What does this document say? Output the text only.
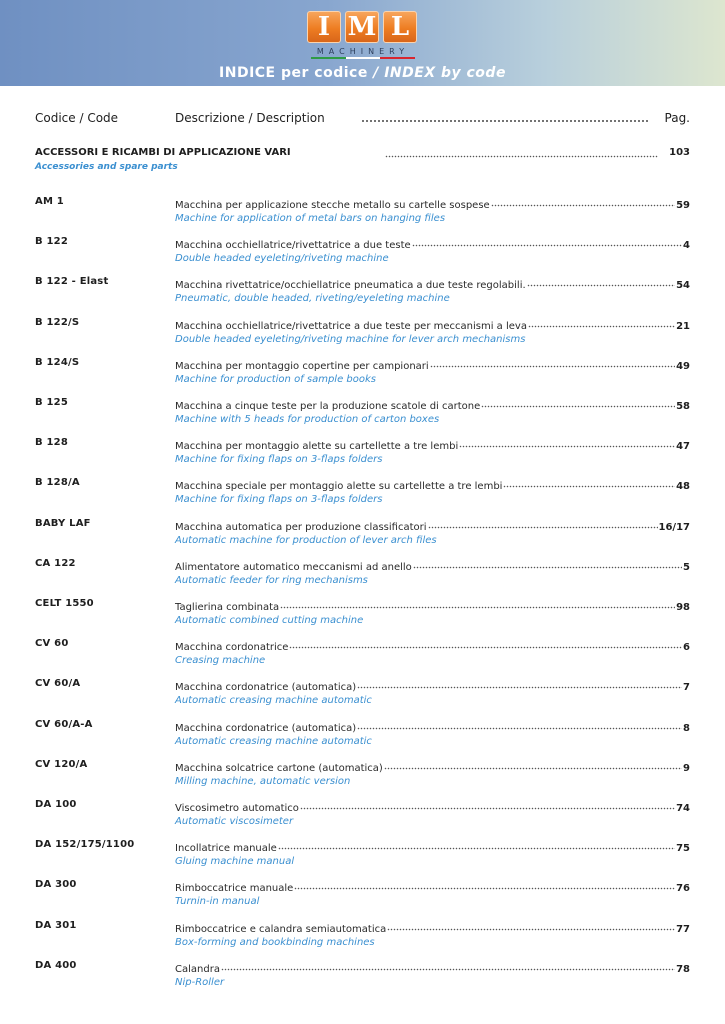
I M L
MACHINERY
INDICE per codice / INDEX by code
Codice / Code	Descrizione / Description	Pag.
ACCESSORI E RICAMBI DI APPLICAZIONE VARI	103
Accessories and spare parts
AM 1	Macchina per applicazione stecche metallo su cartelle sospese	59
Machine for application of metal bars on hanging files
B 122	Macchina occhiellatrice/rivettatrice a due teste	4
Double headed eyeleting/riveting machine
B 122 - Elast	Macchina rivettatrice/occhiellatrice pneumatica a due teste regolabili.	54
Pneumatic, double headed, riveting/eyeleting machine
B 122/S	Macchina occhiellatrice/rivettatrice a due teste per meccanismi a leva	21
Double headed eyeleting/riveting machine for lever arch mechanisms
B 124/S	Macchina per montaggio copertine per campionari	49
Machine for production of sample books
B 125	Macchina a cinque teste per la produzione scatole di cartone	58
Machine with 5 heads for production of carton boxes
B 128	Macchina per montaggio alette su cartellette a tre lembi	47
Machine for fixing flaps on 3-flaps folders
B 128/A	Macchina speciale per montaggio alette su cartellette a tre lembi	48
Machine for fixing flaps on 3-flaps folders
BABY LAF	Macchina automatica per produzione classificatori	16/17
Automatic machine for production of lever arch files
CA 122	Alimentatore automatico meccanismi ad anello	5
Automatic feeder for ring mechanisms
CELT 1550	Taglierina combinata	98
Automatic combined cutting machine
CV 60	Macchina cordonatrice	6
Creasing machine
CV 60/A	Macchina cordonatrice (automatica)	7
Automatic creasing machine automatic
CV 60/A-A	Macchina cordonatrice (automatica)	8
Automatic creasing machine automatic
CV 120/A	Macchina solcatrice cartone (automatica)	9
Milling machine, automatic version
DA 100	Viscosimetro automatico	74
Automatic viscosimeter
DA 152/175/1100	Incollatrice manuale	75
Gluing machine manual
DA 300	Rimboccatrice manuale	76
Turnin-in manual
DA 301	Rimboccatrice e calandra semiautomatica	77
Box-forming and bookbinding machines
DA 400	Calandra	78
Nip-Roller
